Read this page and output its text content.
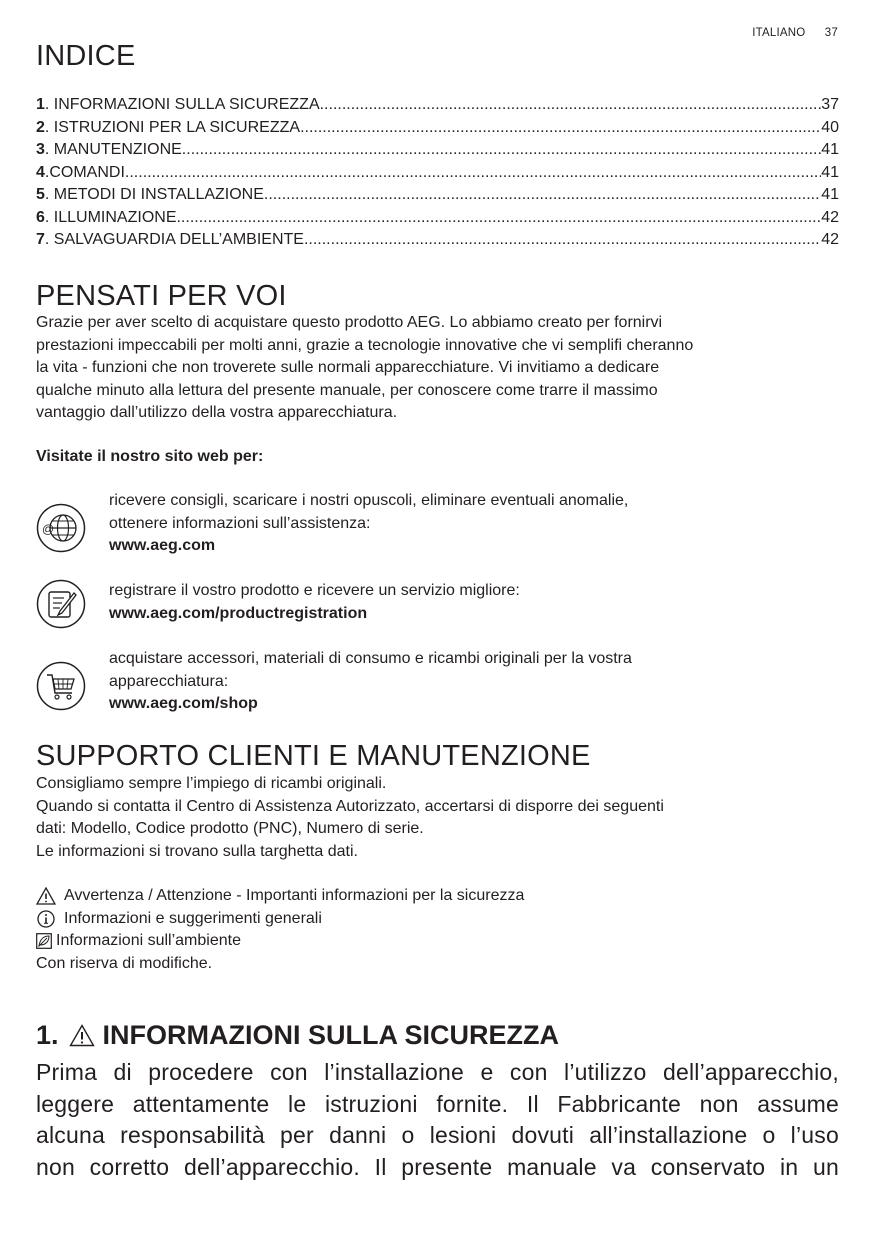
ITALIANO 37
INDICE
1 . INFORMAZIONI SULLA SICUREZZA .....	37
2 . ISTRUZIONI PER LA SICUREZZA .....	40
3 . MANUTENZIONE .....	41
4 .COMANDI .....	41
5 . METODI DI INSTALLAZIONE .....	41
6 . ILLUMINAZIONE .....	42
7 . SALVAGUARDIA DELL’AMBIENTE .....	42
PENSATI PER VOI
Grazie per aver scelto di acquistare questo prodotto AEG. Lo abbiamo creato per fornirvi
prestazioni impeccabili per molti anni, grazie a tecnologie innovative che vi semplifi cheranno
la vita - funzioni che non troverete sulle normali apparecchiature. Vi invitiamo a dedicare
qualche minuto alla lettura del presente manuale, per conoscere come trarre il massimo
vantaggio dall’utilizzo della vostra apparecchiatura.
Visitate il nostro sito web per:
@
ricevere consigli, scaricare i nostri opuscoli, eliminare eventuali anomalie,
ottenere informazioni sull’assistenza:
www.aeg.com
registrare il vostro prodotto e ricevere un servizio migliore:
www.aeg.com/productregistration
acquistare accessori, materiali di consumo e ricambi originali per la vostra
apparecchiatura:
www.aeg.com/shop
SUPPORTO CLIENTI E MANUTENZIONE
Consigliamo sempre l’impiego di ricambi originali.
Quando si contatta il Centro di Assistenza Autorizzato, accertarsi di disporre dei seguenti
dati: Modello, Codice prodotto (PNC), Numero di serie.
Le informazioni si trovano sulla targhetta dati.
Avvertenza / Attenzione - Importanti informazioni per la sicurezza
Informazioni e suggerimenti generali
Informazioni sull’ambiente
Con riserva di modifiche.
1. INFORMAZIONI SULLA SICUREZZA
Prima di procedere con l’installazione e con l’utilizzo dell’apparecchio,
leggere attentamente le istruzioni fornite. Il Fabbricante non assume
alcuna responsabilità per danni o lesioni dovuti all’installazione o l’uso
non corretto dell’apparecchio. Il presente manuale va conservato in un
